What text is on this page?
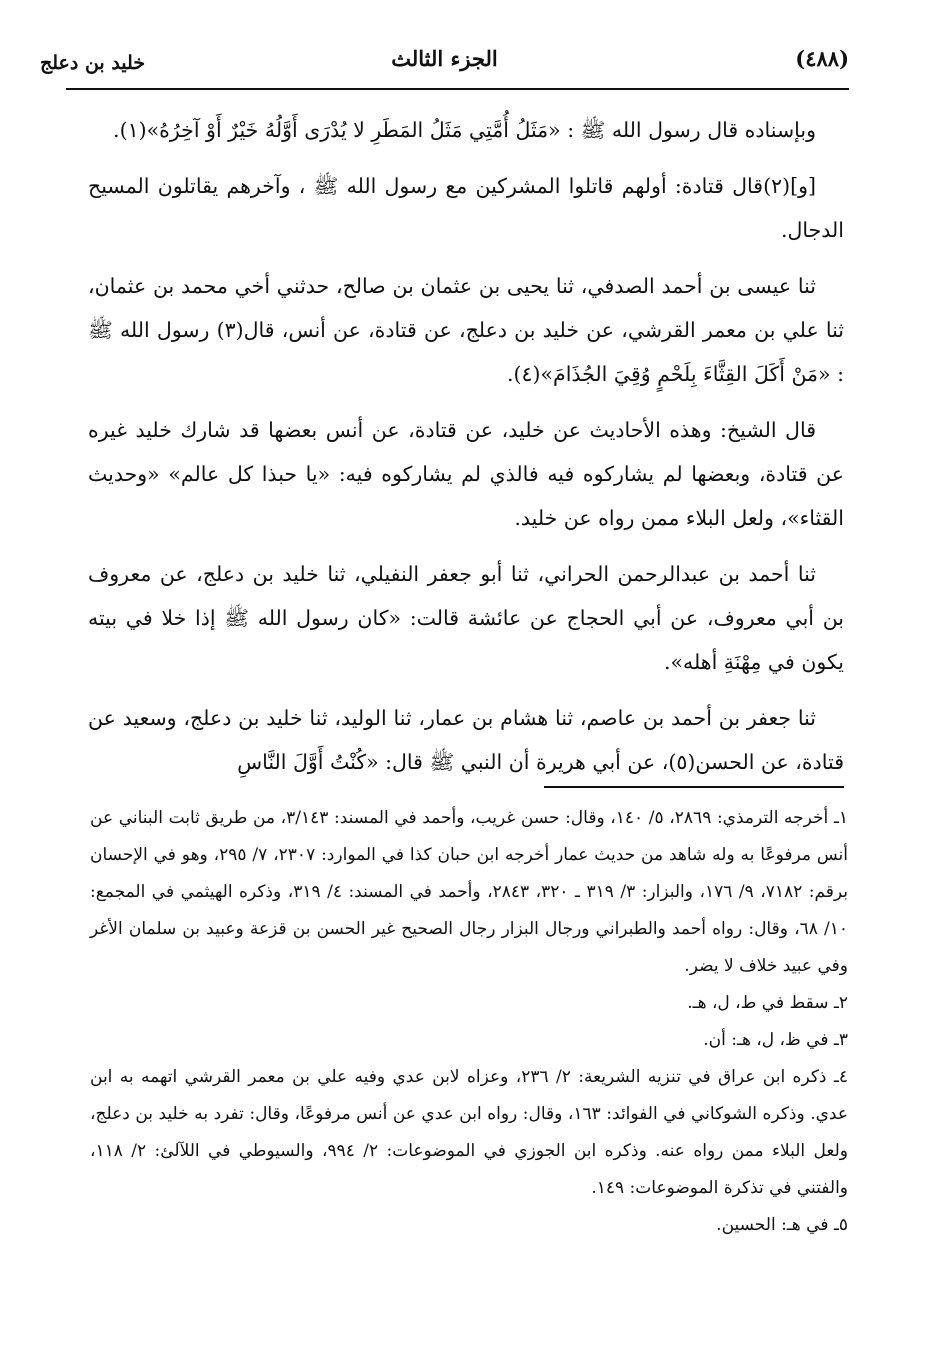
(٤٨٨)
الجزء الثالث
خليد بن دعلج

وبإسناده قال رسول الله ﷺ : «مَثَلُ أُمَّتِي مَثَلُ المَطَرِ لا يُدْرَى أَوَّلُهُ خَيْرٌ أَوْ آخِرُهُ»(١).

[و](٢)قال قتادة: أولهم قاتلوا المشركين مع رسول الله ﷺ ، وآخرهم يقاتلون المسيح الدجال.

ثنا عيسى بن أحمد الصدفي، ثنا يحيى بن عثمان بن صالح، حدثني أخي محمد بن عثمان، ثنا علي بن معمر القرشي، عن خليد بن دعلج، عن قتادة، عن أنس، قال(٣) رسول الله ﷺ : «مَنْ أَكَلَ القِثَّاءَ بِلَحْمٍ وُقِيَ الجُذَامَ»(٤).

قال الشيخ: وهذه الأحاديث عن خليد، عن قتادة، عن أنس بعضها قد شارك خليد غيره عن قتادة، وبعضها لم يشاركوه فيه فالذي لم يشاركوه فيه: «يا حبذا كل عالم» «وحديث القثاء»، ولعل البلاء ممن رواه عن خليد.

ثنا أحمد بن عبدالرحمن الحراني، ثنا أبو جعفر النفيلي، ثنا خليد بن دعلج، عن معروف بن أبي معروف، عن أبي الحجاج عن عائشة قالت: «كان رسول الله ﷺ إذا خلا في بيته يكون في مِهْنَةِ أهله».

ثنا جعفر بن أحمد بن عاصم، ثنا هشام بن عمار، ثنا الوليد، ثنا خليد بن دعلج، وسعيد عن قتادة، عن الحسن(٥)، عن أبي هريرة أن النبي ﷺ قال: «كُنْتُ أَوَّلَ النَّاسِ

١ـ أخرجه الترمذي: ٢٨٦٩، ٥/ ١٤٠، وقال: حسن غريب، وأحمد في المسند: ٣/١٤٣، من طريق ثابت البناني عن أنس مرفوعًا به وله شاهد من حديث عمار أخرجه ابن حبان كذا في الموارد: ٢٣٠٧، ٧/ ٢٩٥، وهو في الإحسان برقم: ٧١٨٢، ٩/ ١٧٦، والبزار: ٣/ ٣١٩ ـ ٣٢٠، ٢٨٤٣، وأحمد في المسند: ٤/ ٣١٩، وذكره الهيثمي في المجمع: ١٠/ ٦٨، وقال: رواه أحمد والطبراني ورجال البزار رجال الصحيح غير الحسن بن قزعة وعبيد بن سلمان الأغر وفي عبيد خلاف لا يضر.

٢ـ سقط في ط، ل، هـ.

٣ـ في ظ، ل، هـ: أن.

٤ـ ذكره ابن عراق في تنزيه الشريعة: ٢/ ٢٣٦، وعزاه لابن عدي وفيه علي بن معمر القرشي اتهمه به ابن عدي. وذكره الشوكاني في الفوائد: ١٦٣، وقال: رواه ابن عدي عن أنس مرفوعًا، وقال: تفرد به خليد بن دعلج، ولعل البلاء ممن رواه عنه. وذكره ابن الجوزي في الموضوعات: ٢/ ٩٩٤، والسيوطي في اللآلئ: ٢/ ١١٨، والفتني في تذكرة الموضوعات: ١٤٩.

٥ـ في هـ: الحسين.
